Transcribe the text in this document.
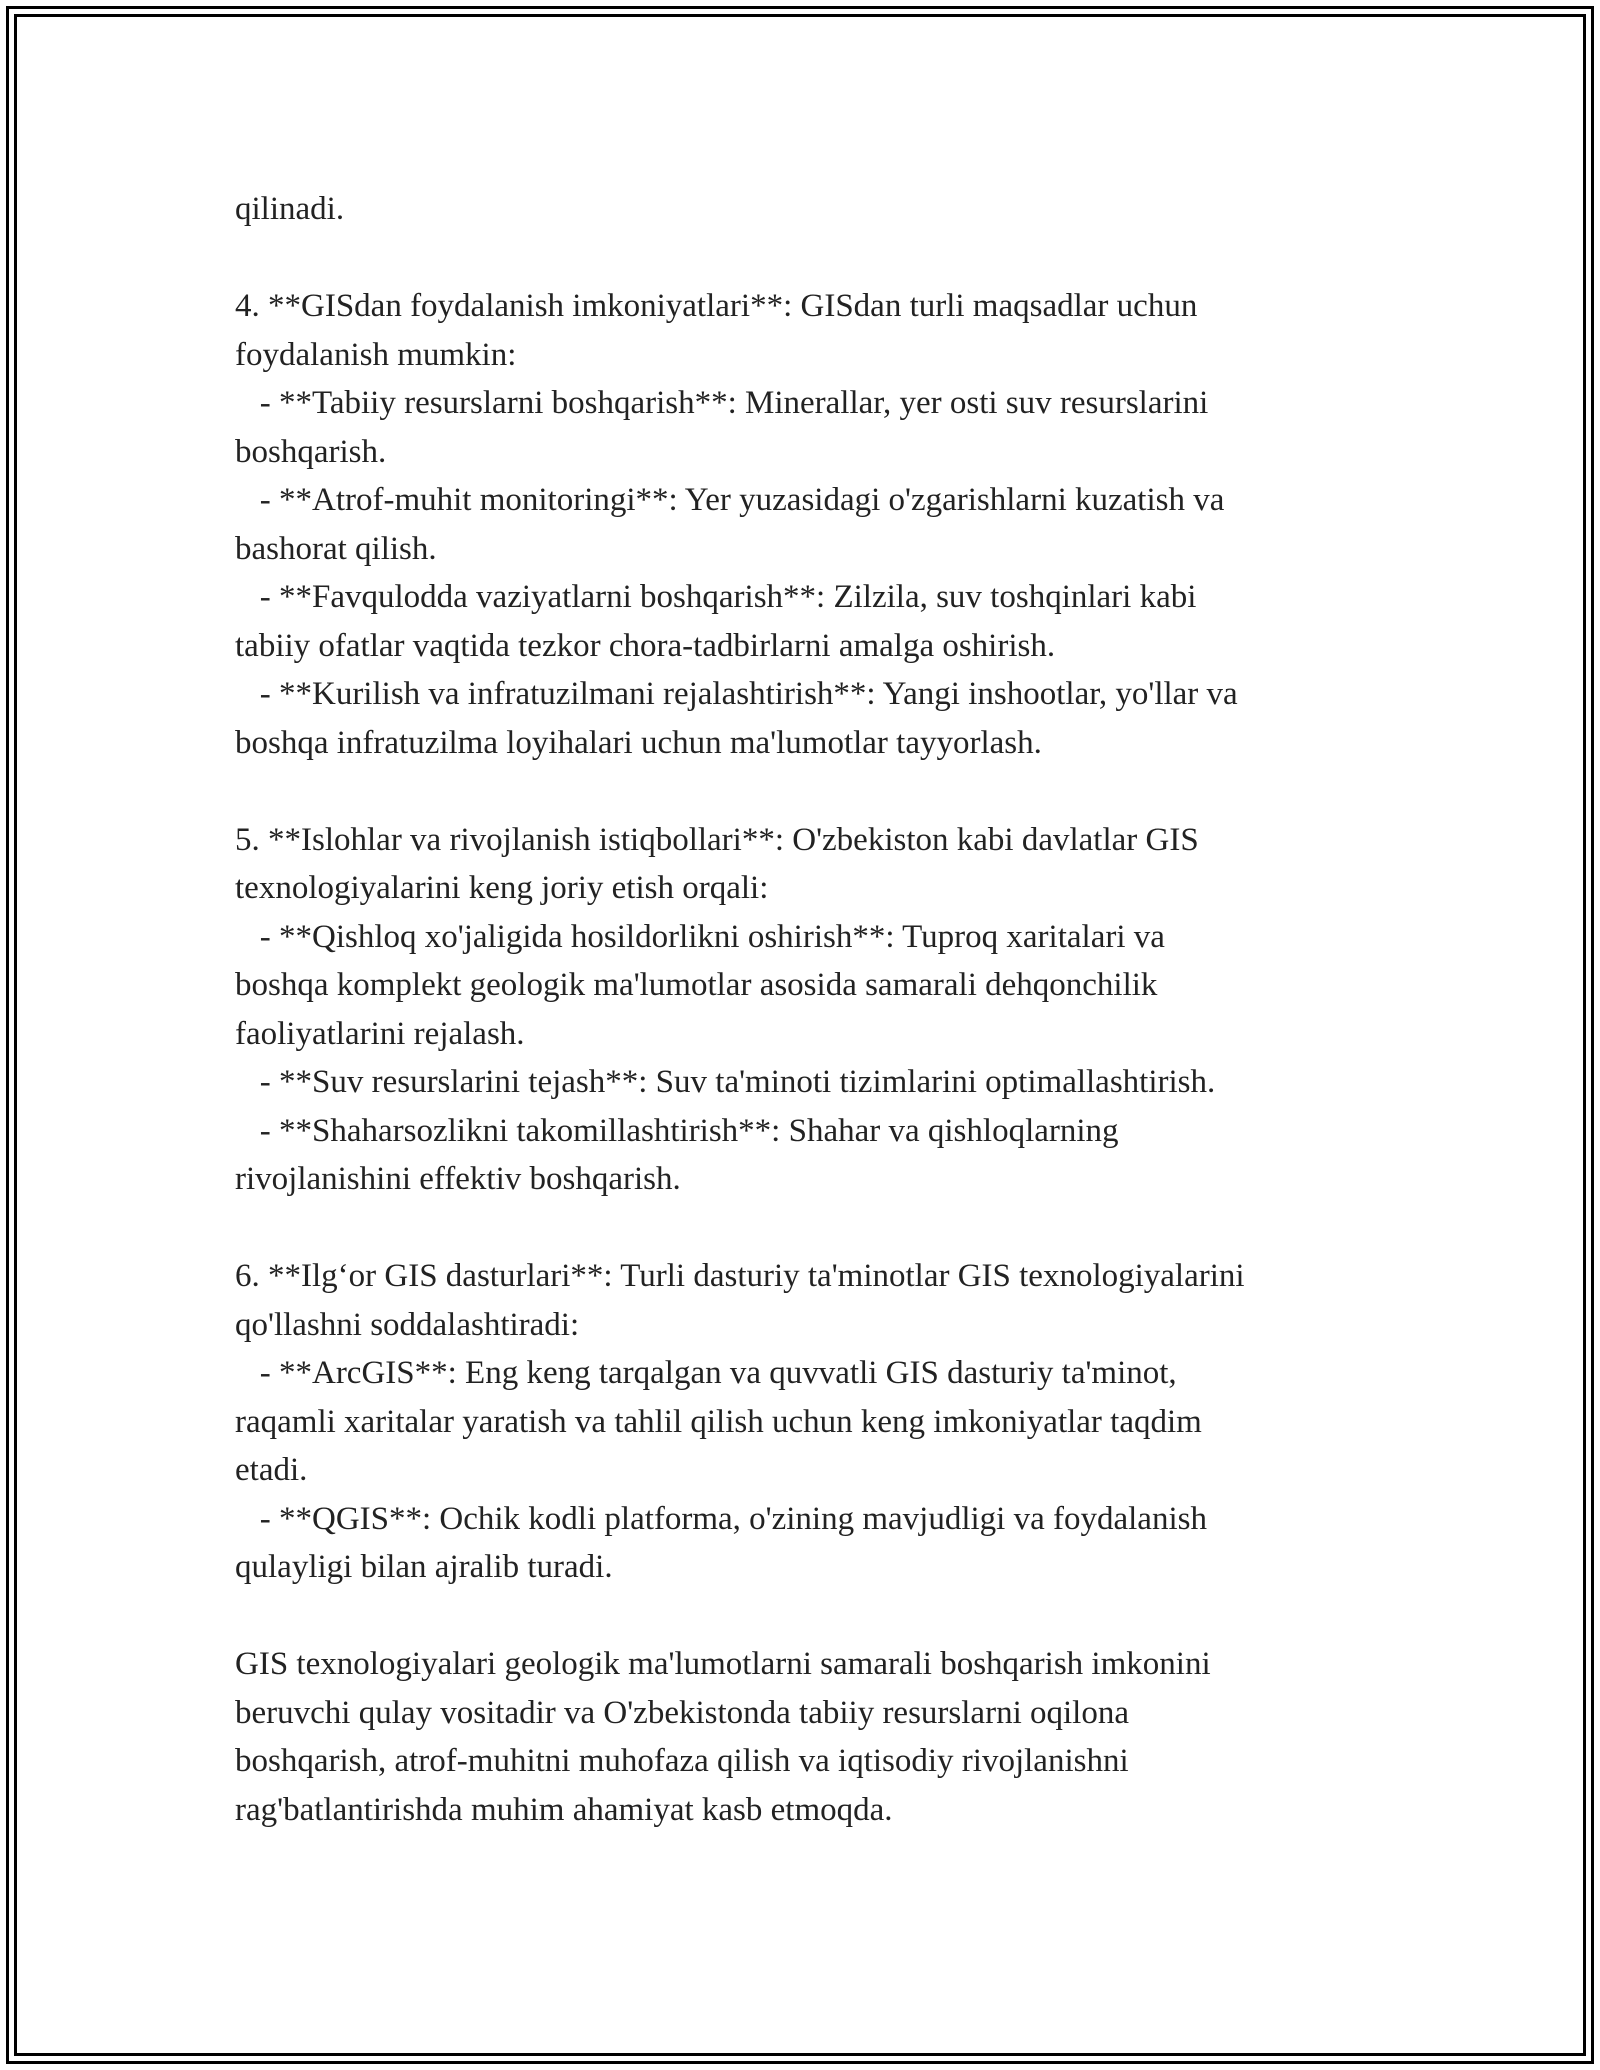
qilinadi.
4. **GISdan foydalanish imkoniyatlari**: GISdan turli maqsadlar uchun
foydalanish mumkin:
- **Tabiiy resurslarni boshqarish**: Minerallar, yer osti suv resurslarini
boshqarish.
- **Atrof-muhit monitoringi**: Yer yuzasidagi o'zgarishlarni kuzatish va
bashorat qilish.
- **Favqulodda vaziyatlarni boshqarish**: Zilzila, suv toshqinlari kabi
tabiiy ofatlar vaqtida tezkor chora-tadbirlarni amalga oshirish.
- **Kurilish va infratuzilmani rejalashtirish**: Yangi inshootlar, yo'llar va
boshqa infratuzilma loyihalari uchun ma'lumotlar tayyorlash.
5. **Islohlar va rivojlanish istiqbollari**: O'zbekiston kabi davlatlar GIS
texnologiyalarini keng joriy etish orqali:
- **Qishloq xo'jaligida hosildorlikni oshirish**: Tuproq xaritalari va
boshqa komplekt geologik ma'lumotlar asosida samarali dehqonchilik
faoliyatlarini rejalash.
- **Suv resurslarini tejash**: Suv ta'minoti tizimlarini optimallashtirish.
- **Shaharsozlikni takomillashtirish**: Shahar va qishloqlarning
rivojlanishini effektiv boshqarish.
6. **Ilg‘or GIS dasturlari**: Turli dasturiy ta'minotlar GIS texnologiyalarini
qo'llashni soddalashtiradi:
- **ArcGIS**: Eng keng tarqalgan va quvvatli GIS dasturiy ta'minot,
raqamli xaritalar yaratish va tahlil qilish uchun keng imkoniyatlar taqdim
etadi.
- **QGIS**: Ochik kodli platforma, o'zining mavjudligi va foydalanish
qulayligi bilan ajralib turadi.
GIS texnologiyalari geologik ma'lumotlarni samarali boshqarish imkonini
beruvchi qulay vositadir va O'zbekistonda tabiiy resurslarni oqilona
boshqarish, atrof-muhitni muhofaza qilish va iqtisodiy rivojlanishni
rag'batlantirishda muhim ahamiyat kasb etmoqda.
